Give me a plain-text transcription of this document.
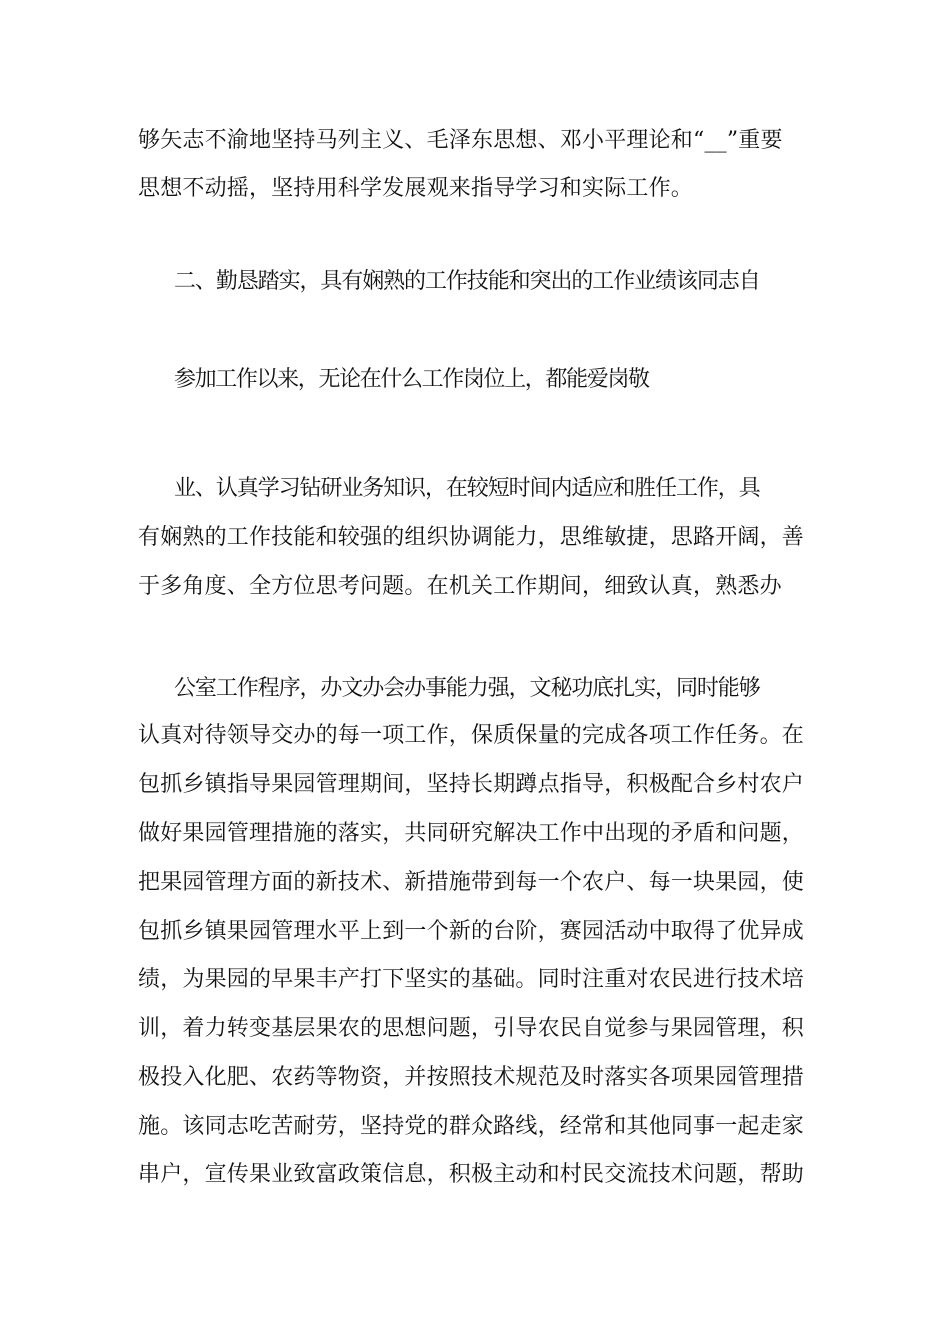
够矢志不渝地坚持马列主义、毛泽东思想、邓小平理论和“__”重要
思想不动摇，坚持用科学发展观来指导学习和实际工作。
二、勤恳踏实，具有娴熟的工作技能和突出的工作业绩该同志自
参加工作以来，无论在什么工作岗位上，都能爱岗敬
业、认真学习钻研业务知识，在较短时间内适应和胜任工作，具
有娴熟的工作技能和较强的组织协调能力，思维敏捷，思路开阔，善
于多角度、全方位思考问题。在机关工作期间，细致认真，熟悉办
公室工作程序，办文办会办事能力强，文秘功底扎实，同时能够
认真对待领导交办的每一项工作，保质保量的完成各项工作任务。在
包抓乡镇指导果园管理期间，坚持长期蹲点指导，积极配合乡村农户
做好果园管理措施的落实，共同研究解决工作中出现的矛盾和问题，
把果园管理方面的新技术、新措施带到每一个农户、每一块果园，使
包抓乡镇果园管理水平上到一个新的台阶，赛园活动中取得了优异成
绩，为果园的早果丰产打下坚实的基础。同时注重对农民进行技术培
训，着力转变基层果农的思想问题，引导农民自觉参与果园管理，积
极投入化肥、农药等物资，并按照技术规范及时落实各项果园管理措
施。该同志吃苦耐劳，坚持党的群众路线，经常和其他同事一起走家
串户，宣传果业致富政策信息，积极主动和村民交流技术问题，帮助
